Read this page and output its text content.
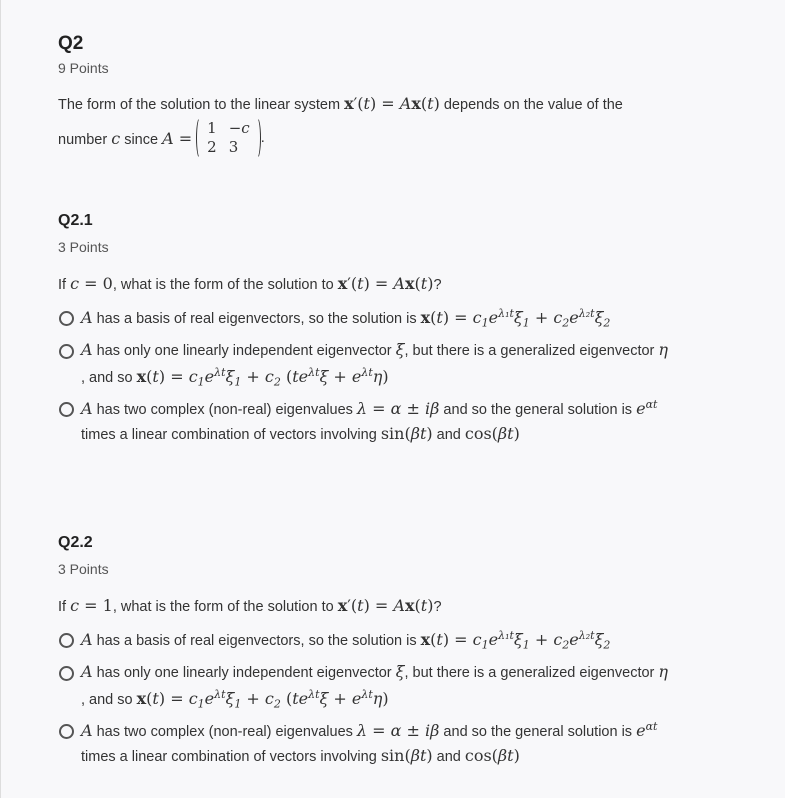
Q2
9 Points
The form of the solution to the linear system x′(t) = Ax(t) depends on the value of the
number c since A =
1 −c
2 3	.
Q2.1
3 Points
If c = 0, what is the form of the solution to x′(t) = Ax(t)?
A has a basis of real eigenvectors, so the solution is $x(t) = c_1e^{\lambda_1t}\xi_1 + c_2e^{\lambda_2t}\xi_2$
A has only one linearly independent eigenvector ξ, but there is a generalized eigenvector η
, and so $x(t) = c_1e^{\lambda t}\xi_1 + c_2$ $(te^{\lambda t}\xi + e^{\lambda t}\eta)$
A has two complex (non-real) eigenvalues λ = α ± iβ and so the general solution is $e^{\alpha t}$
times a linear combination of vectors involving sin(βt) and cos(βt)
Q2.2
3 Points
If c = 1, what is the form of the solution to x′(t) = Ax(t)?
A has a basis of real eigenvectors, so the solution is $x(t) = c_1e^{\lambda_1t}\xi_1 + c_2e^{\lambda_2t}\xi_2$
A has only one linearly independent eigenvector ξ, but there is a generalized eigenvector η
, and so $x(t) = c_1e^{\lambda t}\xi_1 + c_2$ $(te^{\lambda t}\xi + e^{\lambda t}\eta)$
A has two complex (non-real) eigenvalues λ = α ± iβ and so the general solution is $e^{\alpha t}$
times a linear combination of vectors involving sin(βt) and cos(βt)
